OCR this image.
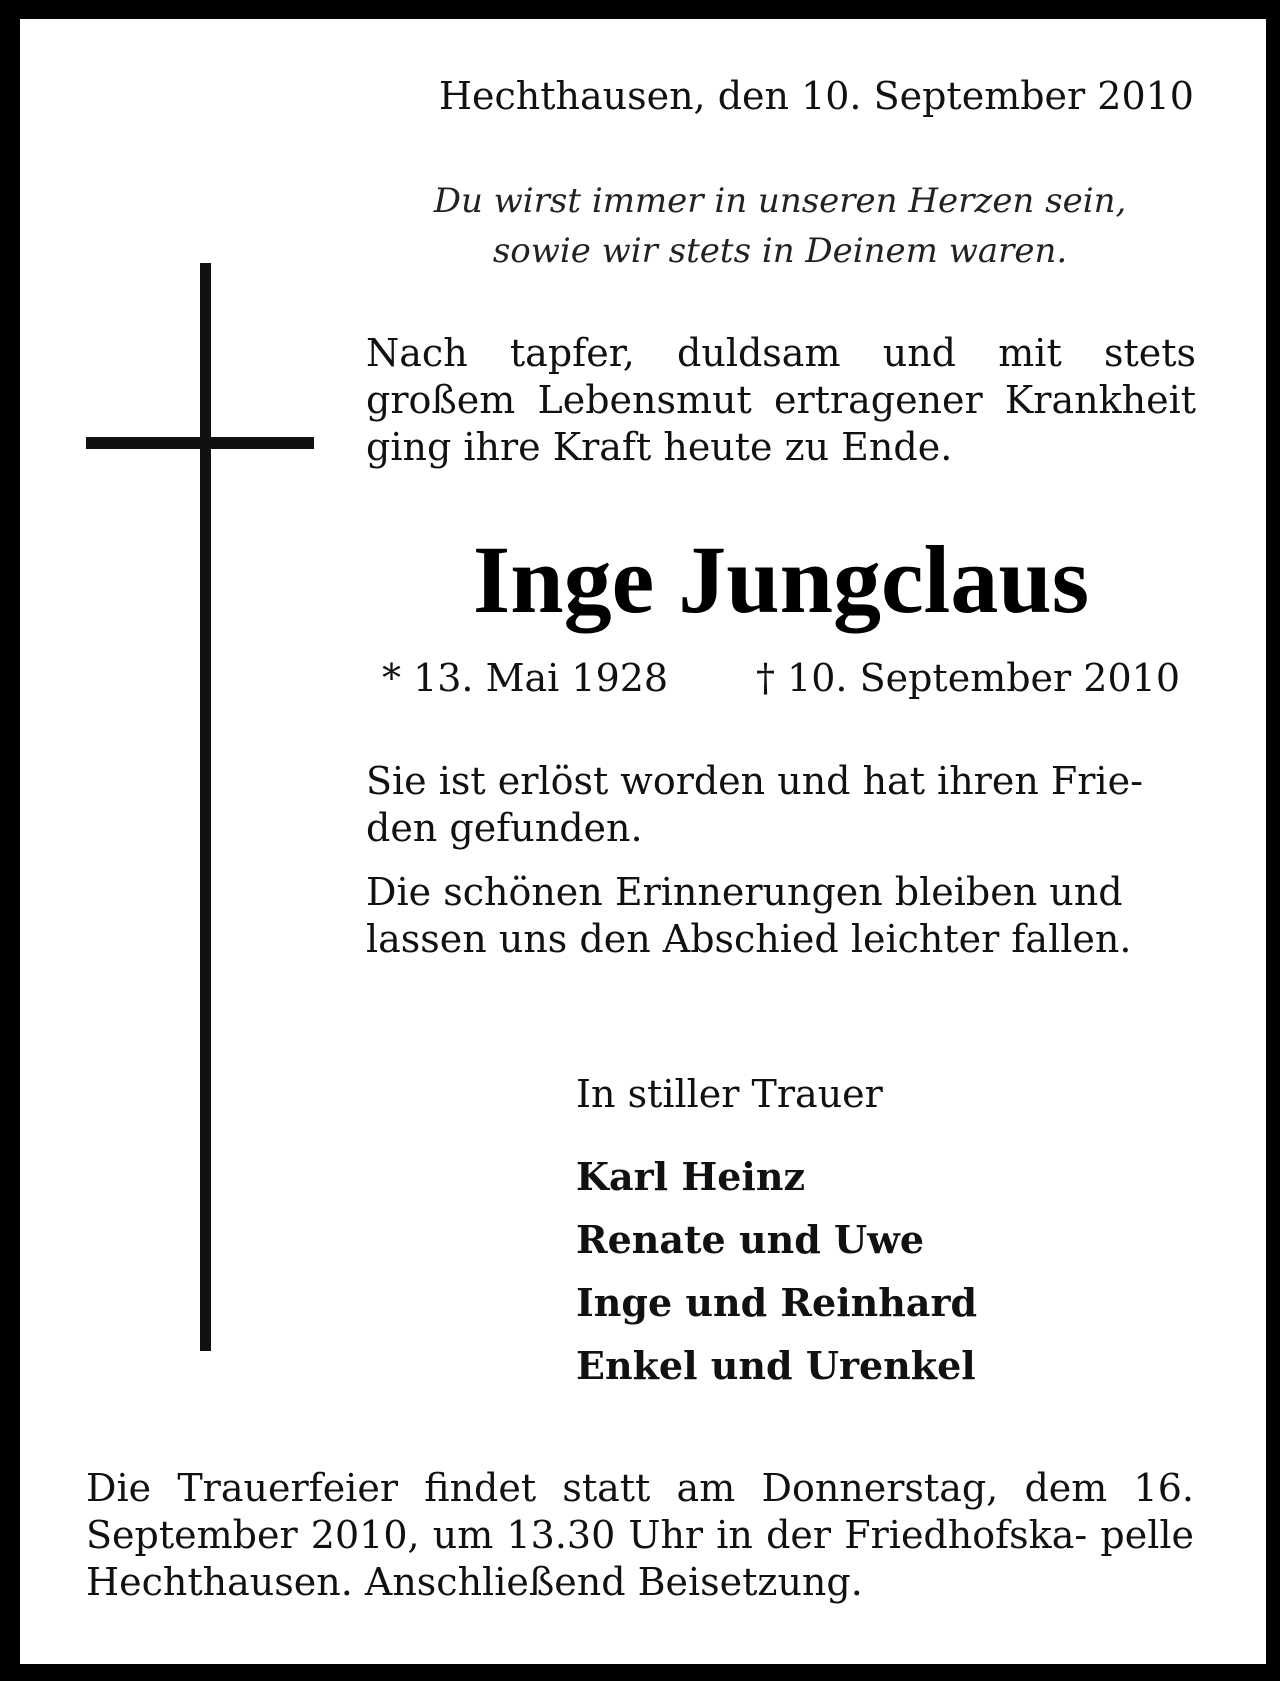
Hechthausen, den 10. September 2010

Du wirst immer in unseren Herzen sein,
sowie wir stets in Deinem waren.

Nach tapfer, duldsam und mit stets großem Lebensmut ertragener Krankheit ging ihre Kraft heute zu Ende.

Inge Jungclaus

* 13. Mai 1928 † 10. September 2010

Sie ist erlöst worden und hat ihren Frie-
den gefunden.
Die schönen Erinnerungen bleiben und
lassen uns den Abschied leichter fallen.

In stiller Trauer

Karl Heinz
Renate und Uwe
Inge und Reinhard
Enkel und Urenkel

Die Trauerfeier findet statt am Donnerstag, dem 16. September 2010, um 13.30 Uhr in der Friedhofska- pelle Hechthausen. Anschließend Beisetzung.
